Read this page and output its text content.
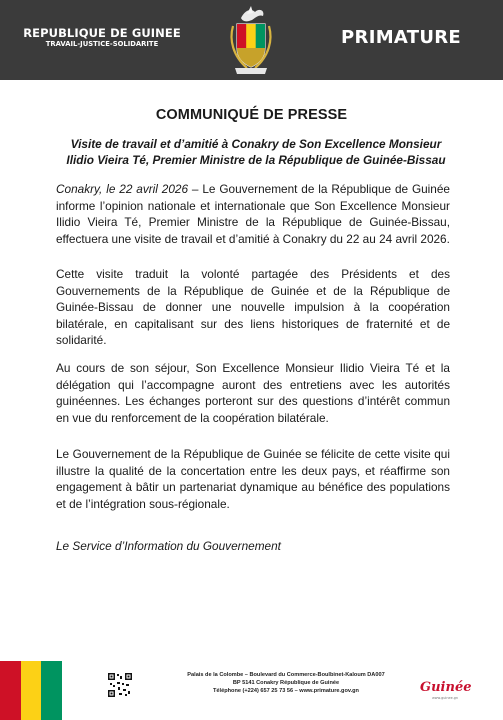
REPUBLIQUE DE GUINEE
TRAVAIL-JUSTICE-SOLIDARITE	PRIMATURE
COMMUNIQUÉ DE PRESSE
Visite de travail et d’amitié à Conakry de Son Excellence Monsieur
Ilidio Vieira Té, Premier Ministre de la République de Guinée-Bissau
Conakry, le 22 avril 2026 – Le Gouvernement de la République de Guinée informe l’opinion nationale et internationale que Son Excellence Monsieur Ilidio Vieira Té, Premier Ministre de la République de Guinée-Bissau, effectuera une visite de travail et d’amitié à Conakry du 22 au 24 avril 2026.
Cette visite traduit la volonté partagée des Présidents et des Gouvernements de la République de Guinée et de la République de Guinée-Bissau de donner une nouvelle impulsion à la coopération bilatérale, en capitalisant sur des liens historiques de fraternité et de solidarité.
Au cours de son séjour, Son Excellence Monsieur Ilidio Vieira Té et la délégation qui l’accompagne auront des entretiens avec les autorités guinéennes. Les échanges porteront sur des questions d’intérêt commun en vue du renforcement de la coopération bilatérale.
Le Gouvernement de la République de Guinée se félicite de cette visite qui illustre la qualité de la concertation entre les deux pays, et réaffirme son engagement à bâtir un partenariat dynamique au bénéfice des populations et de l’intégration sous-régionale.
Le Service d’Information du Gouvernement
Palais de la Colombe – Boulevard du Commerce-Boulbinet-Kaloum DA007
BP 5141 Conakry République de Guinée
Téléphone (+224) 657 25 73 56 – www.primature.gov.gn	Guinée
www.guinee.gn
